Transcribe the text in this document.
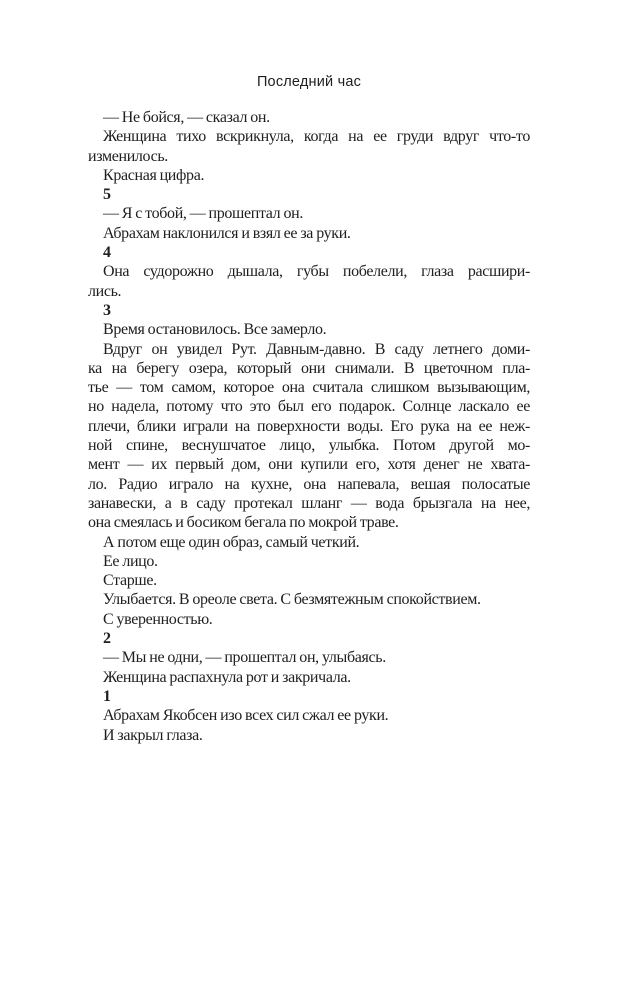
Последний час
— Не бойся, — сказал он.
Женщина тихо вскрикнула, когда на ее груди вдруг что-то
изменилось.
Красная цифра.
5
— Я с тобой, — прошептал он.
Абрахам наклонился и взял ее за руки.
4
Она судорожно дышала, губы побелели, глаза расшири-
лись.
3
Время остановилось. Все замерло.
Вдруг он увидел Рут. Давным-давно. В саду летнего доми-
ка на берегу озера, который они снимали. В цветочном пла-
тье — том самом, которое она считала слишком вызывающим,
но надела, потому что это был его подарок. Солнце ласкало ее
плечи, блики играли на поверхности воды. Его рука на ее неж-
ной спине, веснушчатое лицо, улыбка. Потом другой мо-
мент — их первый дом, они купили его, хотя денег не хвата-
ло. Радио играло на кухне, она напевала, вешая полосатые
занавески, а в саду протекал шланг — вода брызгала на нее,
она смеялась и босиком бегала по мокрой траве.
А потом еще один образ, самый четкий.
Ее лицо.
Старше.
Улыбается. В ореоле света. С безмятежным спокойствием.
С уверенностью.
2
— Мы не одни, — прошептал он, улыбаясь.
Женщина распахнула рот и закричала.
1
Абрахам Якобсен изо всех сил сжал ее руки.
И закрыл глаза.
